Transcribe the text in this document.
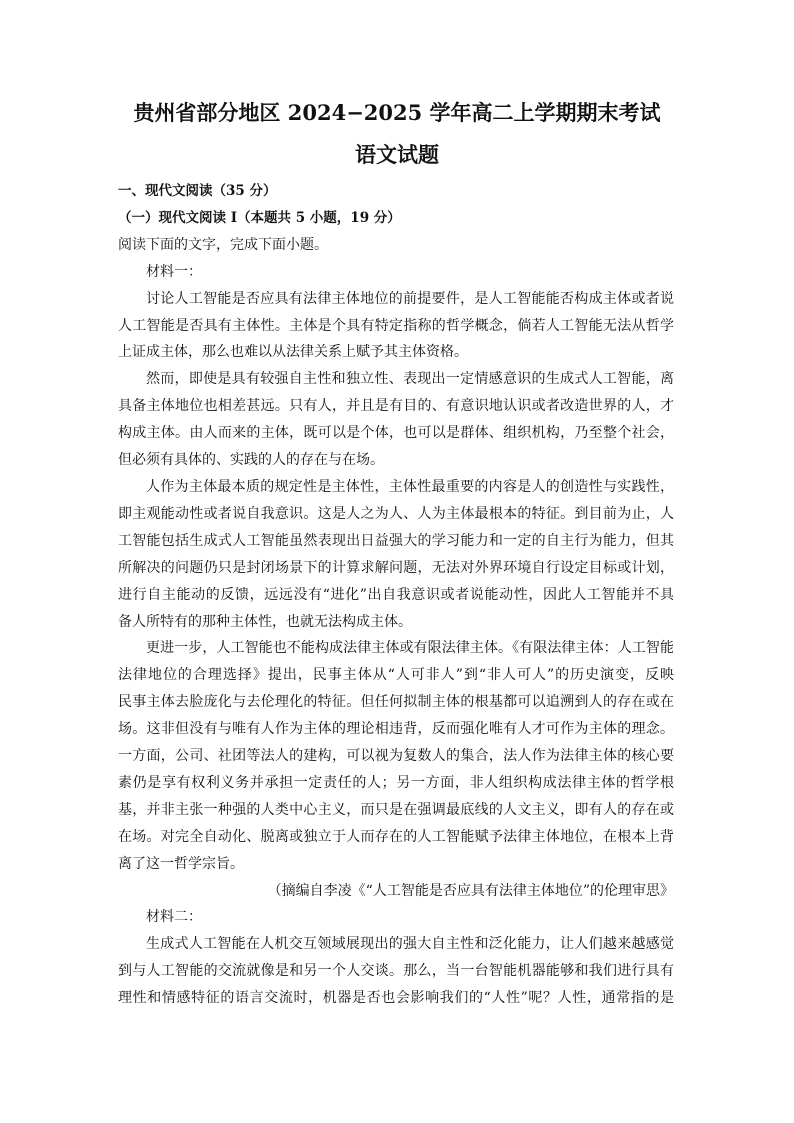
贵州省部分地区 2024−2025 学年高二上学期期末考试
语文试题

一、现代文阅读（35 分）

（一）现代文阅读 I（本题共 5 小题，19 分）

阅读下面的文字，完成下面小题。

材料一：

讨论人工智能是否应具有法律主体地位的前提要件，是人工智能能否构成主体或者说

人工智能是否具有主体性。主体是个具有特定指称的哲学概念，倘若人工智能无法从哲学

上证成主体，那么也难以从法律关系上赋予其主体资格。

然而，即使是具有较强自主性和独立性、表现出一定情感意识的生成式人工智能，离

具备主体地位也相差甚远。只有人，并且是有目的、有意识地认识或者改造世界的人，才

构成主体。由人而来的主体，既可以是个体，也可以是群体、组织机构，乃至整个社会，

但必须有具体的、实践的人的存在与在场。

人作为主体最本质的规定性是主体性，主体性最重要的内容是人的创造性与实践性，

即主观能动性或者说自我意识。这是人之为人、人为主体最根本的特征。到目前为止，人

工智能包括生成式人工智能虽然表现出日益强大的学习能力和一定的自主行为能力，但其

所解决的问题仍只是封闭场景下的计算求解问题，无法对外界环境自行设定目标或计划，

进行自主能动的反馈，远远没有“进化”出自我意识或者说能动性，因此人工智能并不具

备人所特有的那种主体性，也就无法构成主体。

更进一步，人工智能也不能构成法律主体或有限法律主体。《有限法律主体：人工智能

法律地位的合理选择》提出，民事主体从“人可非人”到“非人可人”的历史演变，反映

民事主体去脸庞化与去伦理化的特征。但任何拟制主体的根基都可以追溯到人的存在或在

场。这非但没有与唯有人作为主体的理论相违背，反而强化唯有人才可作为主体的理念。

一方面，公司、社团等法人的建构，可以视为复数人的集合，法人作为法律主体的核心要

素仍是享有权利义务并承担一定责任的人；另一方面，非人组织构成法律主体的哲学根

基，并非主张一种强的人类中心主义，而只是在强调最底线的人文主义，即有人的存在或

在场。对完全自动化、脱离或独立于人而存在的人工智能赋予法律主体地位，在根本上背

离了这一哲学宗旨。

（摘编自李凌《“人工智能是否应具有法律主体地位”的伦理审思》

材料二：

生成式人工智能在人机交互领域展现出的强大自主性和泛化能力，让人们越来越感觉

到与人工智能的交流就像是和另一个人交谈。那么，当一台智能机器能够和我们进行具有

理性和情感特征的语言交流时，机器是否也会影响我们的“人性”呢？人性，通常指的是
